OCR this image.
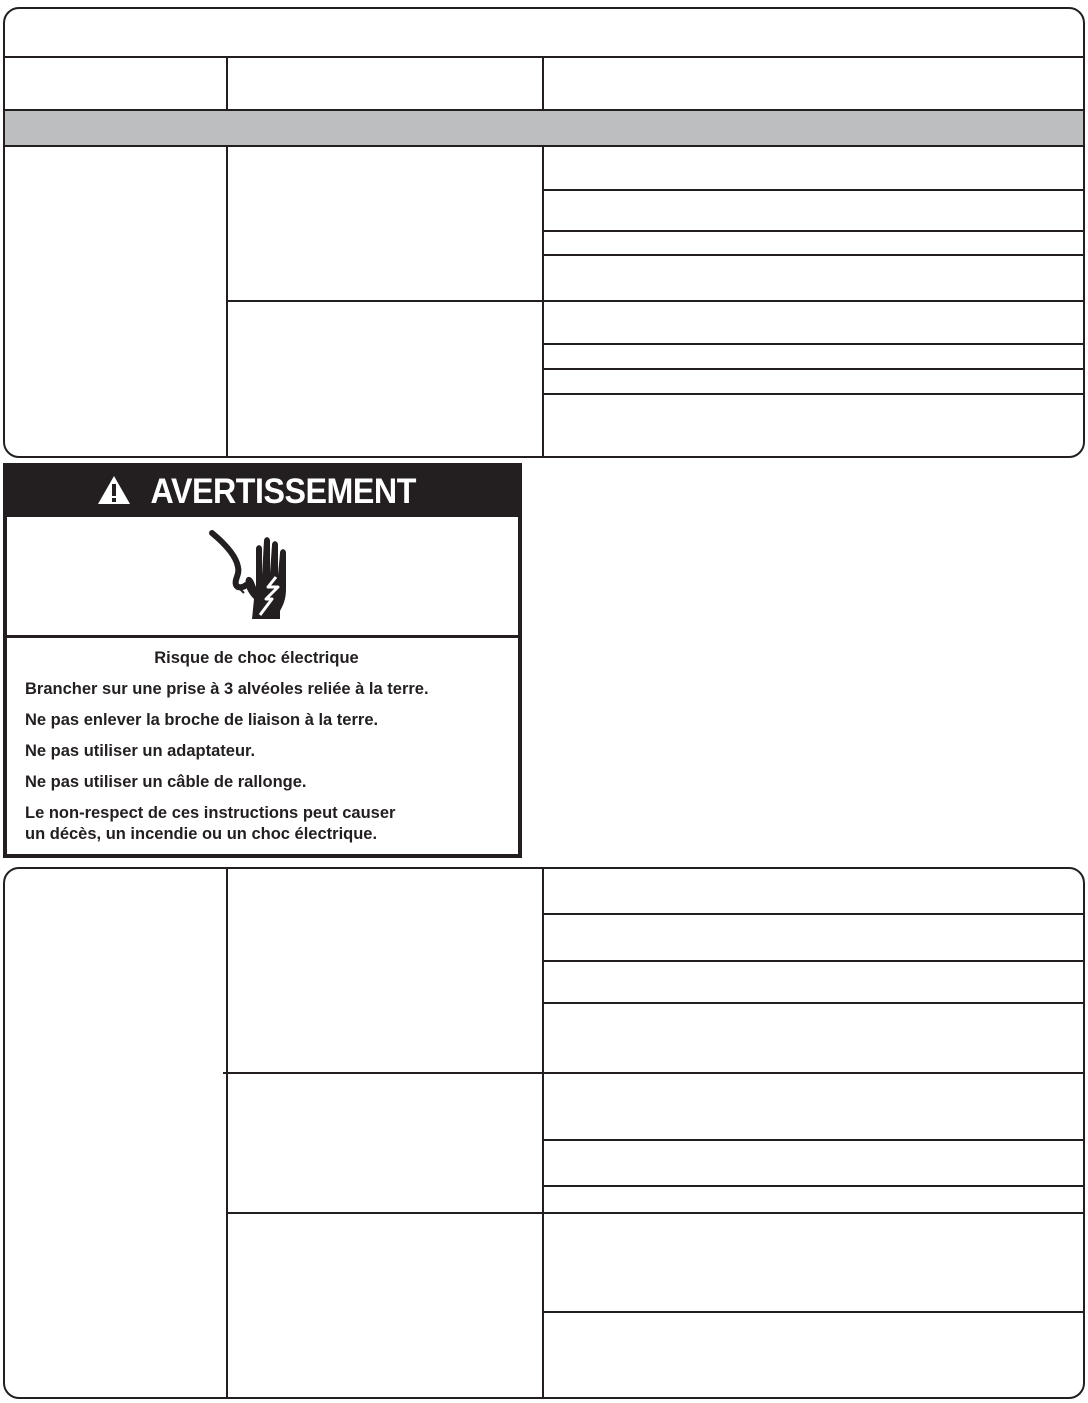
AVERTISSEMENT

Risque de choc électrique

Brancher sur une prise à 3 alvéoles reliée à la terre.

Ne pas enlever la broche de liaison à la terre.

Ne pas utiliser un adaptateur.

Ne pas utiliser un câble de rallonge.

Le non-respect de ces instructions peut causer
un décès, un incendie ou un choc électrique.
